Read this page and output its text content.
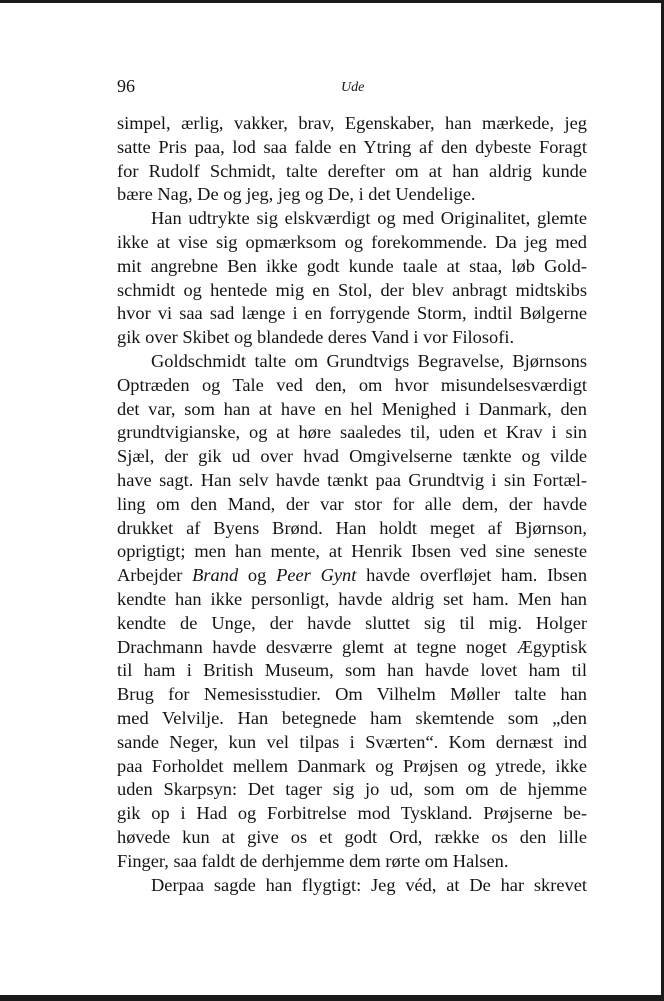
96	Ude
simpel, ærlig, vakker, brav, Egenskaber, han mærkede, jeg
satte Pris paa, lod saa falde en Ytring af den dybeste Foragt
for Rudolf Schmidt, talte derefter om at han aldrig kunde
bære Nag, De og jeg, jeg og De, i det Uendelige.
Han udtrykte sig elskværdigt og med Originalitet, glemte
ikke at vise sig opmærksom og forekommende. Da jeg med
mit angrebne Ben ikke godt kunde taale at staa, løb Gold-
schmidt og hentede mig en Stol, der blev anbragt midtskibs
hvor vi saa sad længe i en forrygende Storm, indtil Bølgerne
gik over Skibet og blandede deres Vand i vor Filosofi.
Goldschmidt talte om Grundtvigs Begravelse, Bjørnsons
Optræden og Tale ved den, om hvor misundelsesværdigt
det var, som han at have en hel Menighed i Danmark, den
grundtvigianske, og at høre saaledes til, uden et Krav i sin
Sjæl, der gik ud over hvad Omgivelserne tænkte og vilde
have sagt. Han selv havde tænkt paa Grundtvig i sin Fortæl-
ling om den Mand, der var stor for alle dem, der havde
drukket af Byens Brønd. Han holdt meget af Bjørnson,
oprigtigt; men han mente, at Henrik Ibsen ved sine seneste
Arbejder Brand og Peer Gynt havde overfløjet ham. Ibsen
kendte han ikke personligt, havde aldrig set ham. Men han
kendte de Unge, der havde sluttet sig til mig. Holger
Drachmann havde desværre glemt at tegne noget Ægyptisk
til ham i British Museum, som han havde lovet ham til
Brug for Nemesisstudier. Om Vilhelm Møller talte han
med Velvilje. Han betegnede ham skemtende som „den
sande Neger, kun vel tilpas i Sværten“. Kom dernæst ind
paa Forholdet mellem Danmark og Prøjsen og ytrede, ikke
uden Skarpsyn: Det tager sig jo ud, som om de hjemme
gik op i Had og Forbitrelse mod Tyskland. Prøjserne be-
høvede kun at give os et godt Ord, række os den lille
Finger, saa faldt de derhjemme dem rørte om Halsen.
Derpaa sagde han flygtigt: Jeg véd, at De har skrevet
